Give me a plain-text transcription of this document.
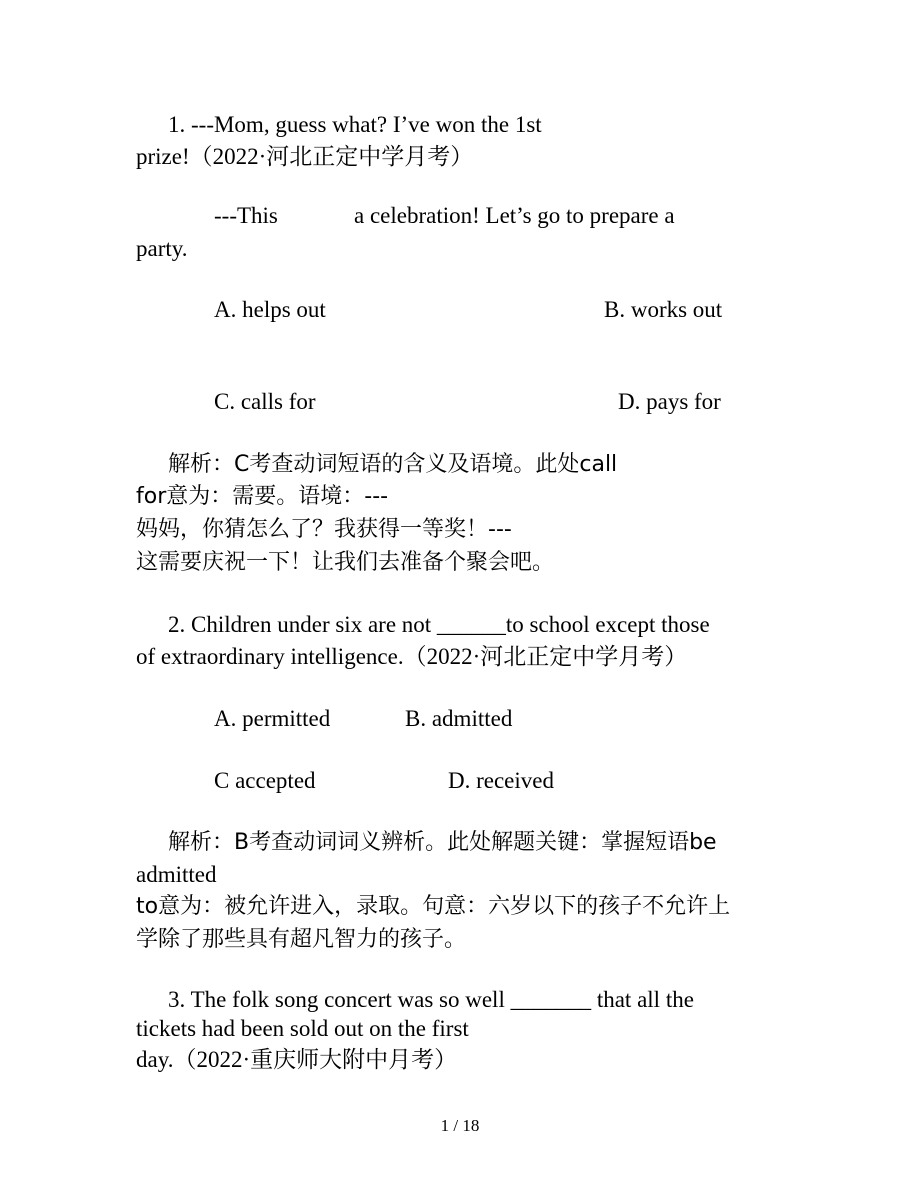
1. ---Mom, guess what? I’ve won the 1st

prize!（2022·河北正定中学月考）

---This	a celebration! Let’s go to prepare a

party.

A. helps out	B. works out

C. calls for	D. pays for

解析：C考查动词短语的含义及语境。此处call

for意为：需要。语境：---

妈妈，你猜怎么了？我获得一等奖！---

这需要庆祝一下！让我们去准备个聚会吧。

2. Children under six are not ______to school except those

of extraordinary intelligence.（2022·河北正定中学月考）

A. permitted	B. admitted

C accepted	D. received

解析：B考查动词词义辨析。此处解题关键：掌握短语be

admitted

to意为：被允许进入，录取。句意：六岁以下的孩子不允许上

学除了那些具有超凡智力的孩子。

3. The folk song concert was so well _______ that all the

tickets had been sold out on the first

day.（2022·重庆师大附中月考）

1 / 18
